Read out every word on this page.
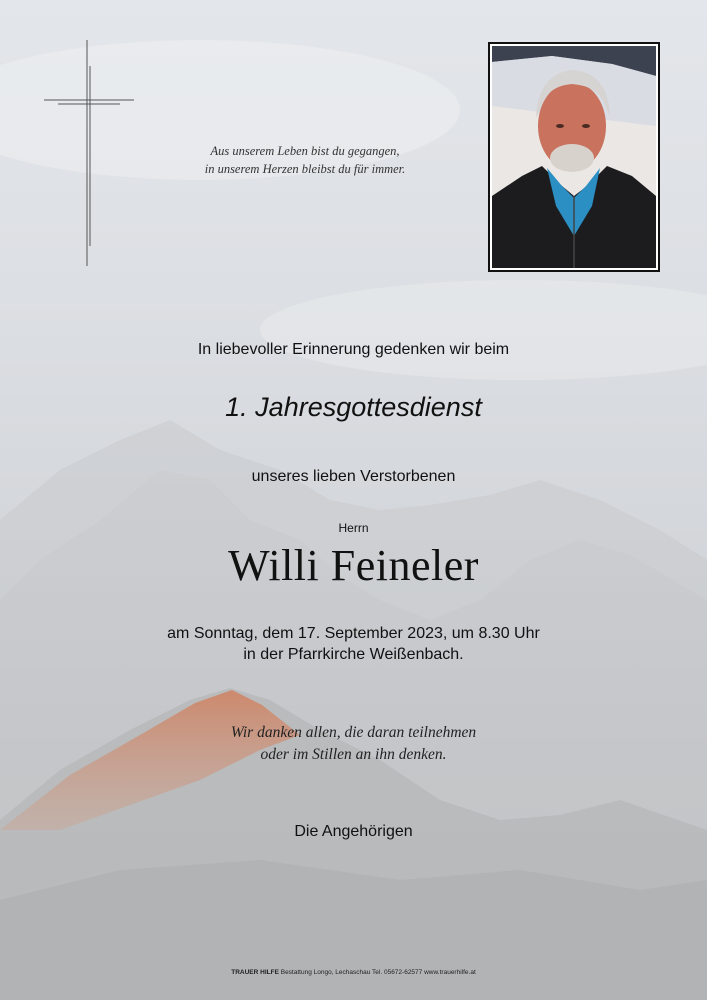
Aus unserem Leben bist du gegangen,
in unserem Herzen bleibst du für immer.
In liebevoller Erinnerung gedenken wir beim
1. Jahresgottesdienst
unseres lieben Verstorbenen
Herrn
Willi Feineler
am Sonntag, dem 17. September 2023, um 8.30 Uhr
in der Pfarrkirche Weißenbach.
Wir danken allen, die daran teilnehmen
oder im Stillen an ihn denken.
Die Angehörigen
TRAUER HILFE Bestattung Longo, Lechaschau Tel. 05672-62577 www.trauerhilfe.at
